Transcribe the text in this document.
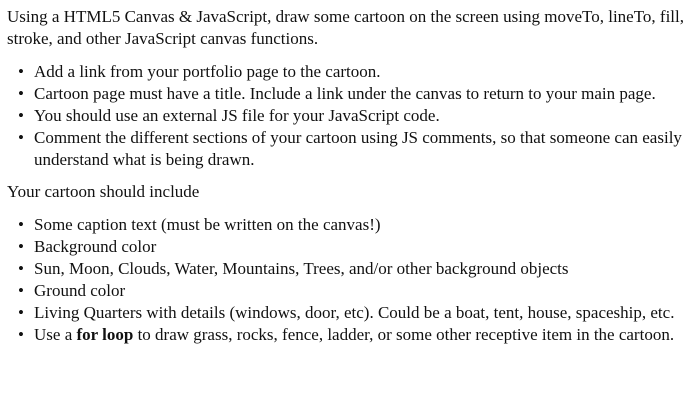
Using a HTML5 Canvas & JavaScript, draw some cartoon on the screen using moveTo, lineTo, fill, stroke, and other JavaScript canvas functions.

• Add a link from your portfolio page to the cartoon.
• Cartoon page must have a title. Include a link under the canvas to return to your main page.
• You should use an external JS file for your JavaScript code.
• Comment the different sections of your cartoon using JS comments, so that someone can easily understand what is being drawn.

Your cartoon should include

• Some caption text (must be written on the canvas!)
• Background color
• Sun, Moon, Clouds, Water, Mountains, Trees, and/or other background objects
• Ground color
• Living Quarters with details (windows, door, etc). Could be a boat, tent, house, spaceship, etc.
• Use a for loop to draw grass, rocks, fence, ladder, or some other receptive item in the cartoon.
